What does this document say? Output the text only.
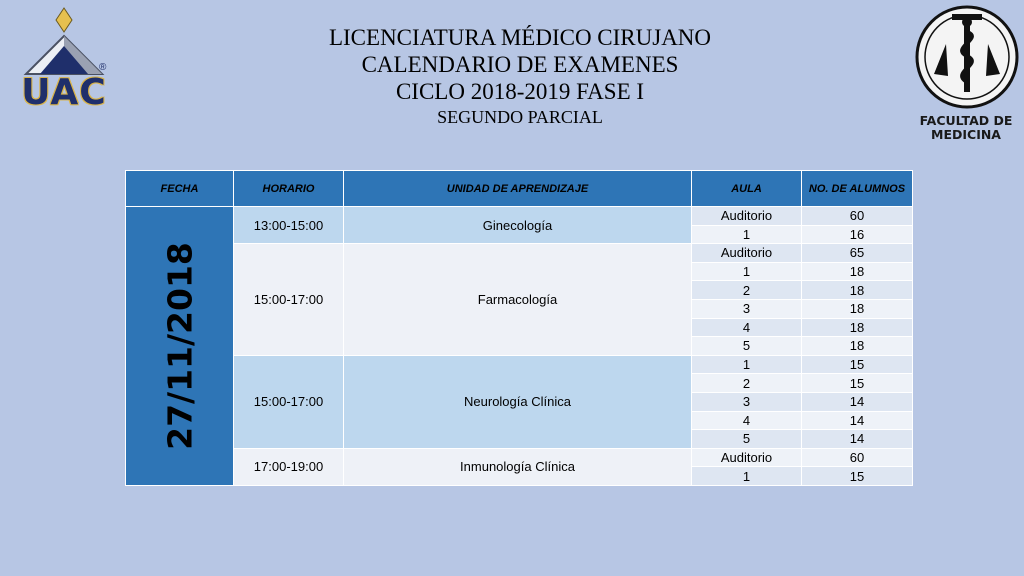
UAC
®
LICENCIATURA MÉDICO CIRUJANO
CALENDARIO DE EXAMENES
CICLO 2018-2019 FASE I
SEGUNDO PARCIAL	FACULTAD DE
MEDICINA
FECHA	HORARIO	UNIDAD DE APRENDIZAJE	AULA	NO. DE ALUMNOS

27/11/2018	13:00-15:00	Ginecología	Auditorio	60
			1	16
	15:00-17:00	Farmacología	Auditorio	65
			1	18
			2	18
			3	18
			4	18
			5	18
	15:00-17:00	Neurología Clínica	1	15
			2	15
			3	14
			4	14
			5	14
	17:00-19:00	Inmunología Clínica	Auditorio	60
			1	15
